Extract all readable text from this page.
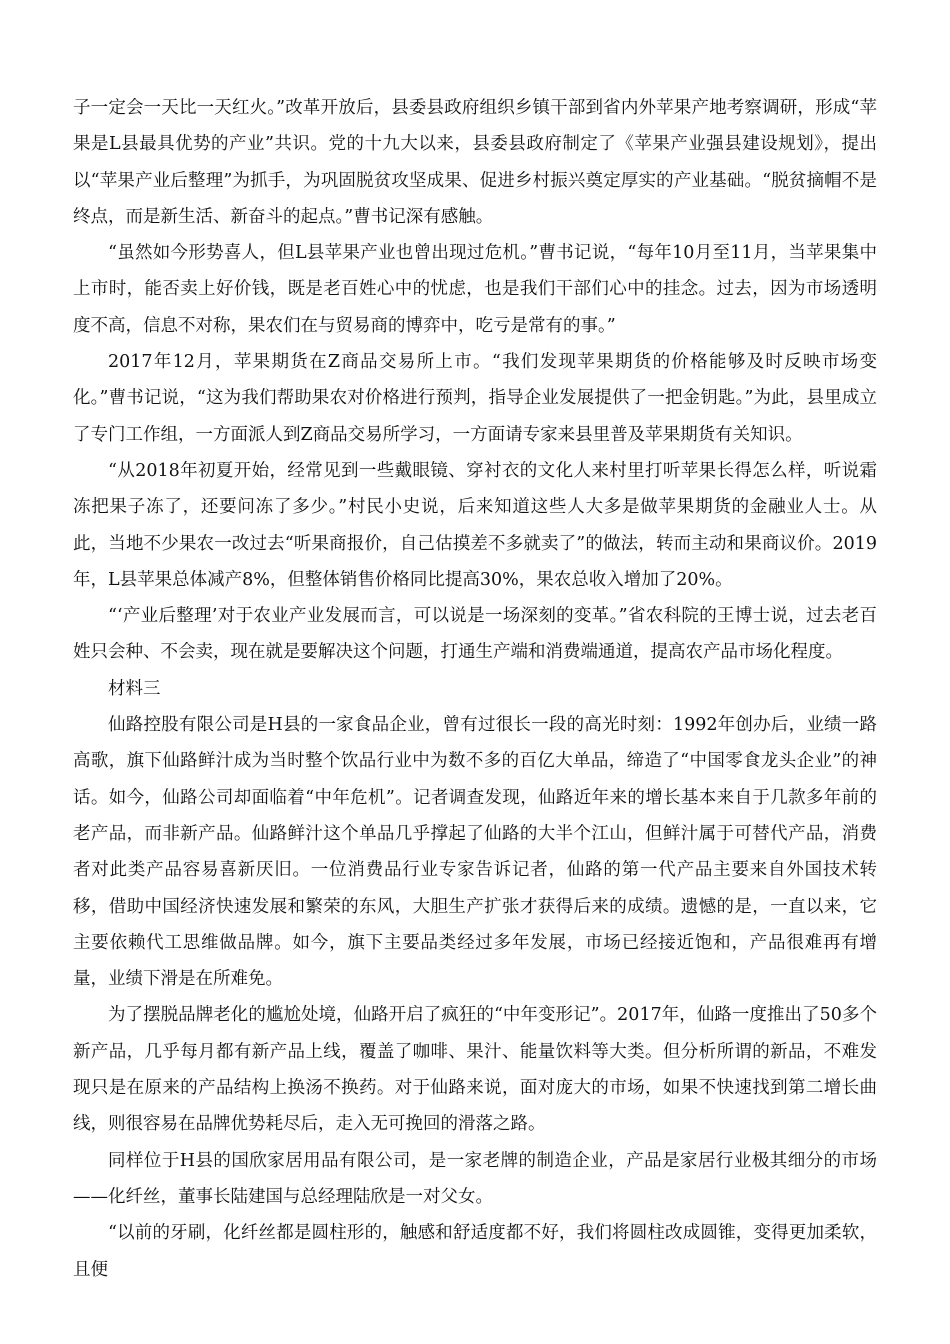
子一定会一天比一天红火。”改革开放后，县委县政府组织乡镇干部到省内外苹果产地考察调研，形成“苹果是L县最具优势的产业”共识。党的十九大以来，县委县政府制定了《苹果产业强县建设规划》，提出以“苹果产业后整理”为抓手，为巩固脱贫攻坚成果、促进乡村振兴奠定厚实的产业基础。“脱贫摘帽不是终点，而是新生活、新奋斗的起点。”曹书记深有感触。

“虽然如今形势喜人，但L县苹果产业也曾出现过危机。”曹书记说，“每年10月至11月，当苹果集中上市时，能否卖上好价钱，既是老百姓心中的忧虑，也是我们干部们心中的挂念。过去，因为市场透明度不高，信息不对称，果农们在与贸易商的博弈中，吃亏是常有的事。”

2017年12月，苹果期货在Z商品交易所上市。“我们发现苹果期货的价格能够及时反映市场变化。”曹书记说，“这为我们帮助果农对价格进行预判，指导企业发展提供了一把金钥匙。”为此，县里成立了专门工作组，一方面派人到Z商品交易所学习，一方面请专家来县里普及苹果期货有关知识。

“从2018年初夏开始，经常见到一些戴眼镜、穿衬衣的文化人来村里打听苹果长得怎么样，听说霜冻把果子冻了，还要问冻了多少。”村民小史说，后来知道这些人大多是做苹果期货的金融业人士。从此，当地不少果农一改过去“听果商报价，自己估摸差不多就卖了”的做法，转而主动和果商议价。2019年，L县苹果总体减产8%，但整体销售价格同比提高30%，果农总收入增加了20%。

“‘产业后整理’对于农业产业发展而言，可以说是一场深刻的变革。”省农科院的王博士说，过去老百姓只会种、不会卖，现在就是要解决这个问题，打通生产端和消费端通道，提高农产品市场化程度。

材料三

仙路控股有限公司是H县的一家食品企业，曾有过很长一段的高光时刻：1992年创办后，业绩一路高歌，旗下仙路鲜汁成为当时整个饮品行业中为数不多的百亿大单品，缔造了“中国零食龙头企业”的神话。如今，仙路公司却面临着“中年危机”。记者调查发现，仙路近年来的增长基本来自于几款多年前的老产品，而非新产品。仙路鲜汁这个单品几乎撑起了仙路的大半个江山，但鲜汁属于可替代产品，消费者对此类产品容易喜新厌旧。一位消费品行业专家告诉记者，仙路的第一代产品主要来自外国技术转移，借助中国经济快速发展和繁荣的东风，大胆生产扩张才获得后来的成绩。遗憾的是，一直以来，它主要依赖代工思维做品牌。如今，旗下主要品类经过多年发展，市场已经接近饱和，产品很难再有增量，业绩下滑是在所难免。

为了摆脱品牌老化的尴尬处境，仙路开启了疯狂的“中年变形记”。2017年，仙路一度推出了50多个新产品，几乎每月都有新产品上线，覆盖了咖啡、果汁、能量饮料等大类。但分析所谓的新品，不难发现只是在原来的产品结构上换汤不换药。对于仙路来说，面对庞大的市场，如果不快速找到第二增长曲线，则很容易在品牌优势耗尽后，走入无可挽回的滑落之路。

同样位于H县的国欣家居用品有限公司，是一家老牌的制造企业，产品是家居行业极其细分的市场——化纤丝，董事长陆建国与总经理陆欣是一对父女。

“以前的牙刷，化纤丝都是圆柱形的，触感和舒适度都不好，我们将圆柱改成圆锥，变得更加柔软，且便
